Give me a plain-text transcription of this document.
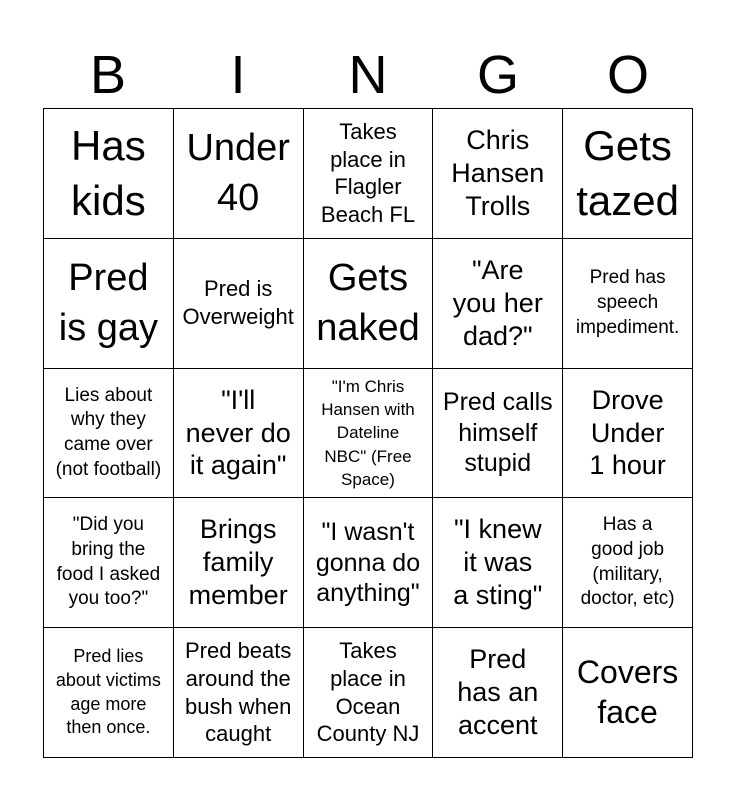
B	I	N	G	O
Has
kids
Under
40
Takes
place in
Flagler
Beach FL
Chris
Hansen
Trolls
Gets
tazed
Pred
is gay
Pred is
Overweight
Gets
naked
"Are
you her
dad?"
Pred has
speech
impediment.
Lies about
why they
came over
(not football)
"I'll
never do
it again"
"I'm Chris
Hansen with
Dateline
NBC" (Free
Space)
Pred calls
himself
stupid
Drove
Under
1 hour
"Did you
bring the
food I asked
you too?"
Brings
family
member
"I wasn't
gonna do
anything"
"I knew
it was
a sting"
Has a
good job
(military,
doctor, etc)
Pred lies
about victims
age more
then once.
Pred beats
around the
bush when
caught
Takes
place in
Ocean
County NJ
Pred
has an
accent
Covers
face
